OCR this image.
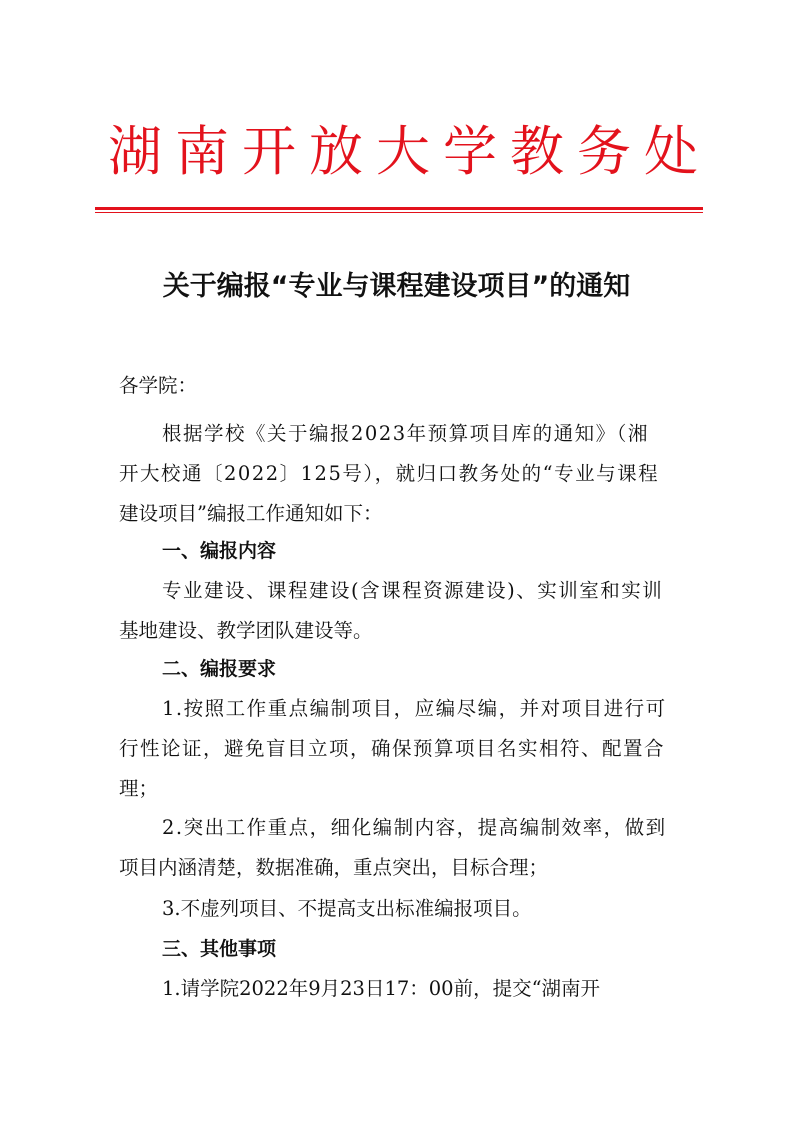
湖南开放大学教务处
关于编报“专业与课程建设项目”的通知
各学院：
根据学校《关于编报2023年预算项目库的通知》（湘
开大校通〔2022〕125号），就归口教务处的“专业与课程
建设项目”编报工作通知如下：
一、编报内容
专业建设、课程建设(含课程资源建设)、实训室和实训
基地建设、教学团队建设等。
二、编报要求
1.按照工作重点编制项目，应编尽编，并对项目进行可
行性论证，避免盲目立项，确保预算项目名实相符、配置合
理；
2.突出工作重点，细化编制内容，提高编制效率，做到
项目内涵清楚，数据准确，重点突出，目标合理；
3.不虚列项目、不提高支出标准编报项目。
三、其他事项
1.请学院2022年9月23日17：00前，提交“湖南开
